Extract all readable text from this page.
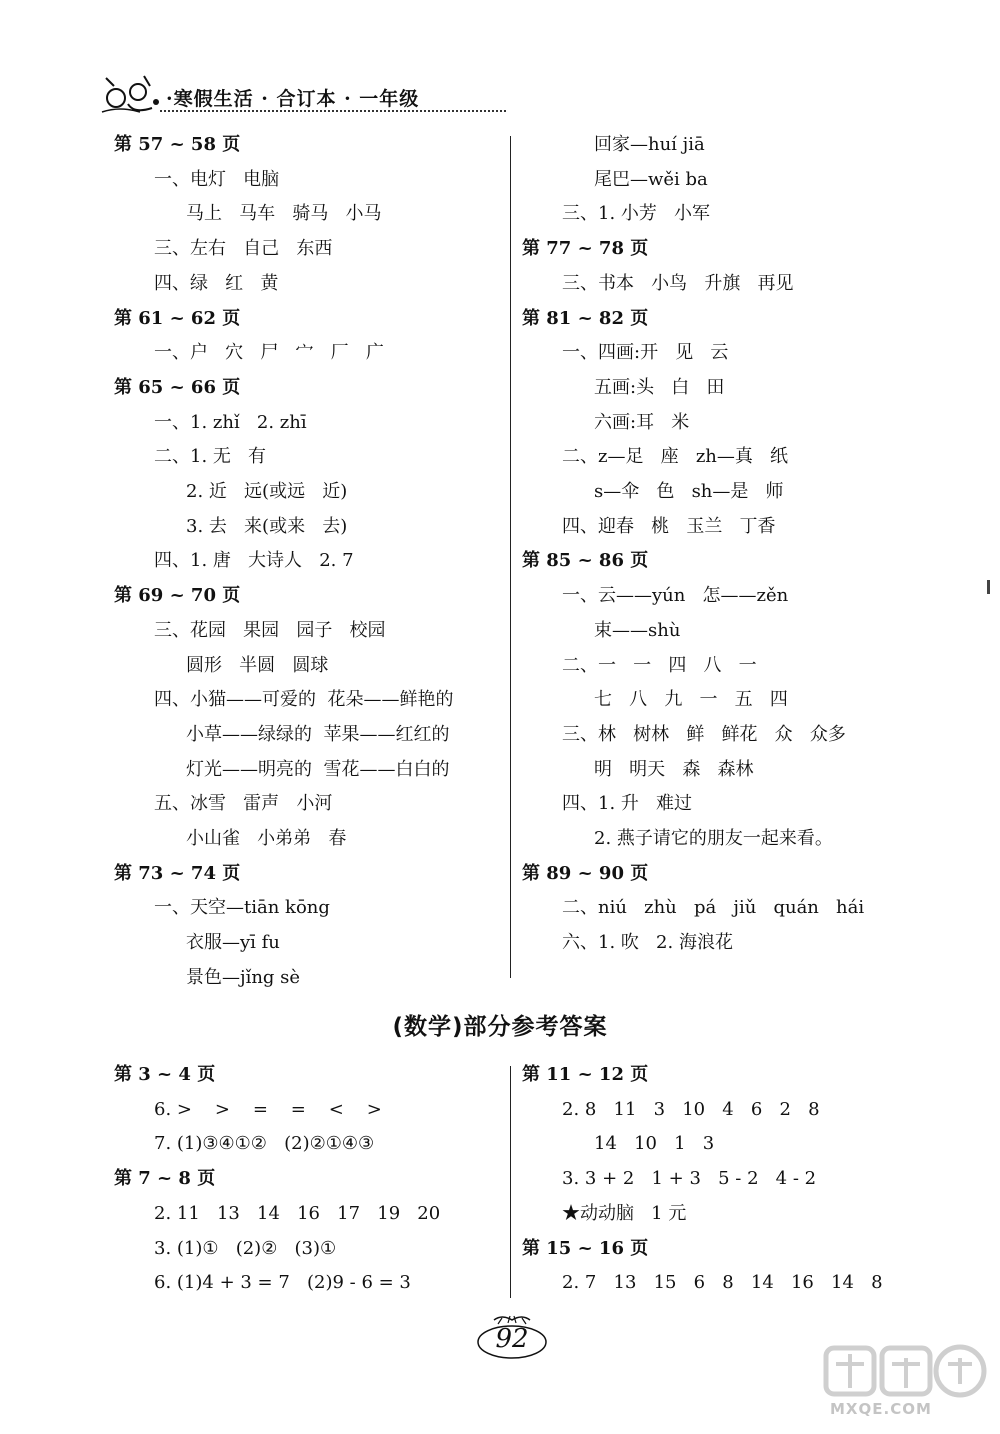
·寒假生活 · 合订本 · 一年级
第 57 ~ 58 页
一、电灯   电脑
马上   马车   骑马   小马
三、左右   自己   东西
四、绿   红   黄
第 61 ~ 62 页
一、户   穴   尸   宀   厂   广
第 65 ~ 66 页
一、1. zhǐ   2. zhī
二、1. 无   有
2. 近   远(或远   近)
3. 去   来(或来   去)
四、1. 唐   大诗人   2. 7
第 69 ~ 70 页
三、花园   果园   园子   校园
圆形   半圆   圆球
四、小猫——可爱的  花朵——鲜艳的
小草——绿绿的  苹果——红红的
灯光——明亮的  雪花——白白的
五、冰雪   雷声   小河
小山雀   小弟弟   春
第 73 ~ 74 页
一、天空—tiān kōng
衣服—yī fu
景色—jǐng sè
回家—huí jiā
尾巴—wěi ba
三、1. 小芳   小军
第 77 ~ 78 页
三、书本   小鸟   升旗   再见
第 81 ~ 82 页
一、四画:开   见   云
五画:头   白   田
六画:耳   米
二、z—足   座   zh—真   纸
s—伞   色   sh—是   师
四、迎春   桃   玉兰   丁香
第 85 ~ 86 页
一、云——yún   怎——zěn
束——shù
二、一   一   四   八   一
七   八   九   一   五   四
三、林   树林   鲜   鲜花   众   众多
明   明天   森   森林
四、1. 升   难过
2. 燕子请它的朋友一起来看。
第 89 ~ 90 页
二、niú   zhù   pá   jiǔ   quán   hái
六、1. 吹   2. 海浪花
(数学)部分参考答案
第 3 ~ 4 页
6. >    >    =    =    <    >
7. (1)③④①②   (2)②①④③
第 7 ~ 8 页
2. 11   13   14   16   17   19   20
3. (1)①   (2)②   (3)①
6. (1)4 + 3 = 7   (2)9 - 6 = 3
第 11 ~ 12 页
2. 8   11   3   10   4   6   2   8
14   10   1   3
3. 3 + 2   1 + 3   5 - 2   4 - 2
★动动脑   1 元
第 15 ~ 16 页
2. 7   13   15   6   8   14   16   14   8
92
MXQE.COM
